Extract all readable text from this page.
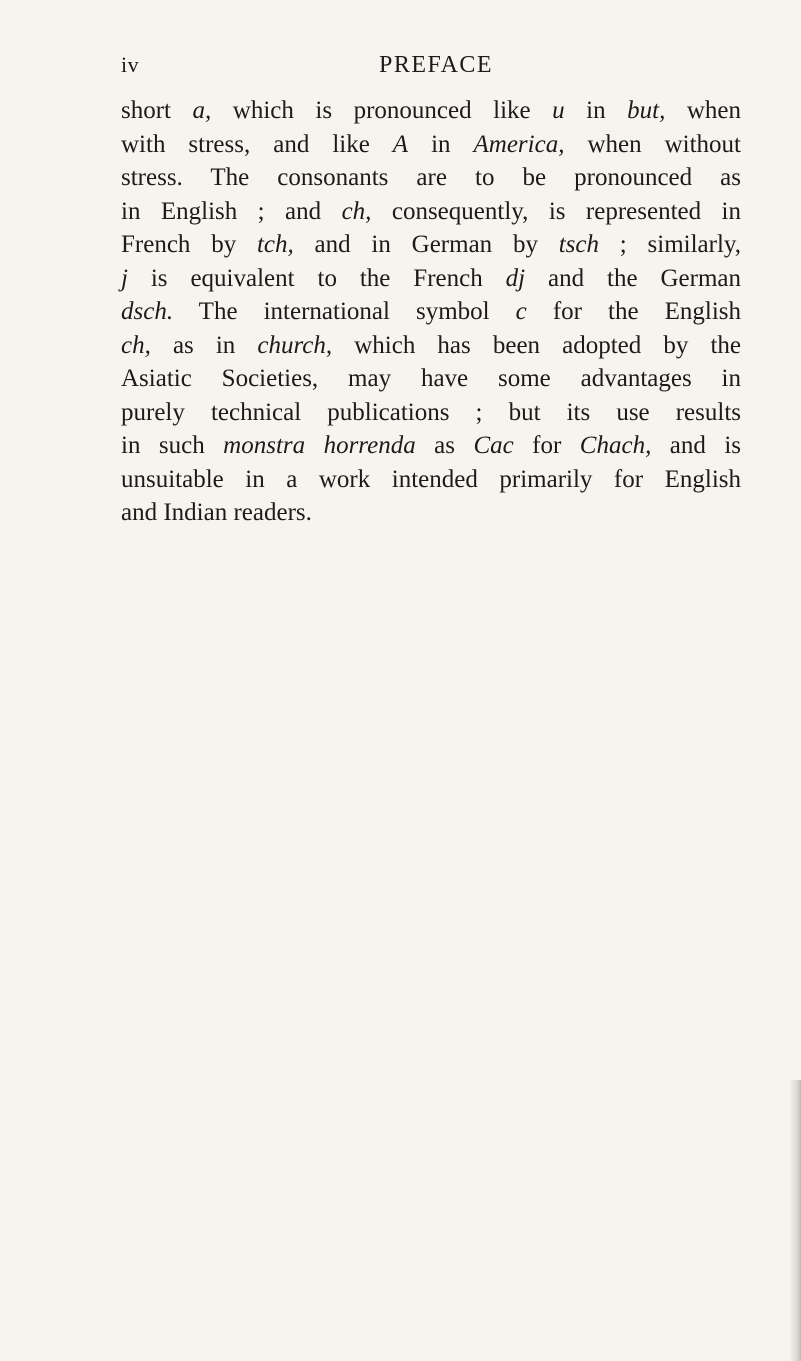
iv	PREFACE

short a, which is pronounced like u in but, when
with stress, and like A in America, when without
stress. The consonants are to be pronounced as
in English ; and ch, consequently, is represented in
French by tch, and in German by tsch ; similarly,
j is equivalent to the French dj and the German
dsch. The international symbol c for the English
ch, as in church, which has been adopted by the
Asiatic Societies, may have some advantages in
purely technical publications ; but its use results
in such monstra horrenda as Cac for Chach, and is
unsuitable in a work intended primarily for English
and Indian readers.
